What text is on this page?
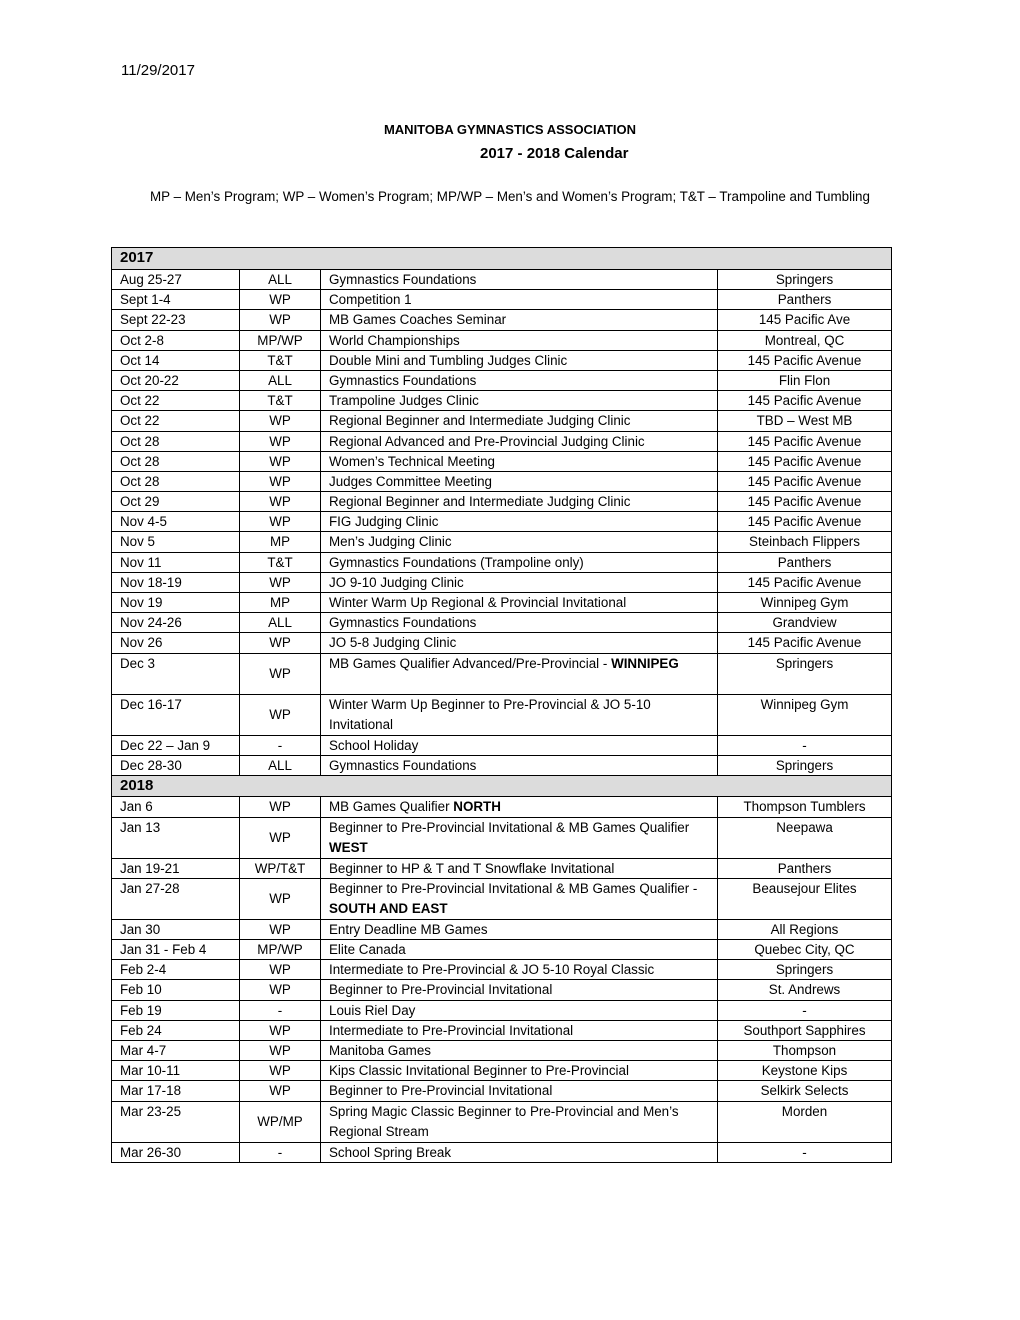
11/29/2017
MANITOBA GYMNASTICS ASSOCIATION
2017 - 2018 Calendar
MP – Men’s Program; WP – Women’s Program; MP/WP – Men’s and Women’s Program; T&T – Trampoline and Tumbling
2017			
Aug 25-27	ALL	Gymnastics Foundations	Springers
Sept 1-4	WP	Competition 1	Panthers
Sept 22-23	WP	MB Games Coaches Seminar	145 Pacific Ave
Oct 2-8	MP/WP	World Championships	Montreal, QC
Oct 14	T&T	Double Mini and Tumbling Judges Clinic	145 Pacific Avenue
Oct 20-22	ALL	Gymnastics Foundations	Flin Flon
Oct 22	T&T	Trampoline Judges Clinic	145 Pacific Avenue
Oct 22	WP	Regional Beginner and Intermediate Judging Clinic	TBD – West MB
Oct 28	WP	Regional Advanced and Pre-Provincial Judging Clinic	145 Pacific Avenue
Oct 28	WP	Women’s Technical Meeting	145 Pacific Avenue
Oct 28	WP	Judges Committee Meeting	145 Pacific Avenue
Oct 29	WP	Regional Beginner and Intermediate Judging Clinic	145 Pacific Avenue
Nov 4-5	WP	FIG Judging Clinic	145 Pacific Avenue
Nov 5	MP	Men’s Judging Clinic	Steinbach Flippers
Nov 11	T&T	Gymnastics Foundations (Trampoline only)	Panthers
Nov 18-19	WP	JO 9-10 Judging Clinic	145 Pacific Avenue
Nov 19	MP	Winter Warm Up Regional & Provincial Invitational	Winnipeg Gym
Nov 24-26	ALL	Gymnastics Foundations	Grandview
Nov 26	WP	JO 5-8 Judging Clinic	145 Pacific Avenue
Dec 3	WP	MB Games Qualifier Advanced/Pre-Provincial - WINNIPEG	Springers
Dec 16-17	WP	Winter Warm Up Beginner to Pre-Provincial & JO 5-10 Invitational	Winnipeg Gym
Dec 22 – Jan 9	-	School Holiday	-
Dec 28-30	ALL	Gymnastics Foundations	Springers
2018			
Jan 6	WP	MB Games Qualifier NORTH	Thompson Tumblers
Jan 13	WP	Beginner to Pre-Provincial Invitational & MB Games Qualifier WEST	Neepawa
Jan 19-21	WP/T&T	Beginner to HP & T and T Snowflake Invitational	Panthers
Jan 27-28	WP	Beginner to Pre-Provincial Invitational & MB Games Qualifier - SOUTH AND EAST	Beausejour Elites
Jan 30	WP	Entry Deadline MB Games	All Regions
Jan 31 - Feb 4	MP/WP	Elite Canada	Quebec City, QC
Feb 2-4	WP	Intermediate to Pre-Provincial & JO 5-10 Royal Classic	Springers
Feb 10	WP	Beginner to Pre-Provincial Invitational	St. Andrews
Feb 19	-	Louis Riel Day	-
Feb 24	WP	Intermediate to Pre-Provincial Invitational	Southport Sapphires
Mar 4-7	WP	Manitoba Games	Thompson
Mar 10-11	WP	Kips Classic Invitational Beginner to Pre-Provincial	Keystone Kips
Mar 17-18	WP	Beginner to Pre-Provincial Invitational	Selkirk Selects
Mar 23-25	WP/MP	Spring Magic Classic Beginner to Pre-Provincial and Men’s Regional Stream	Morden
Mar 26-30	-	School Spring Break	-
